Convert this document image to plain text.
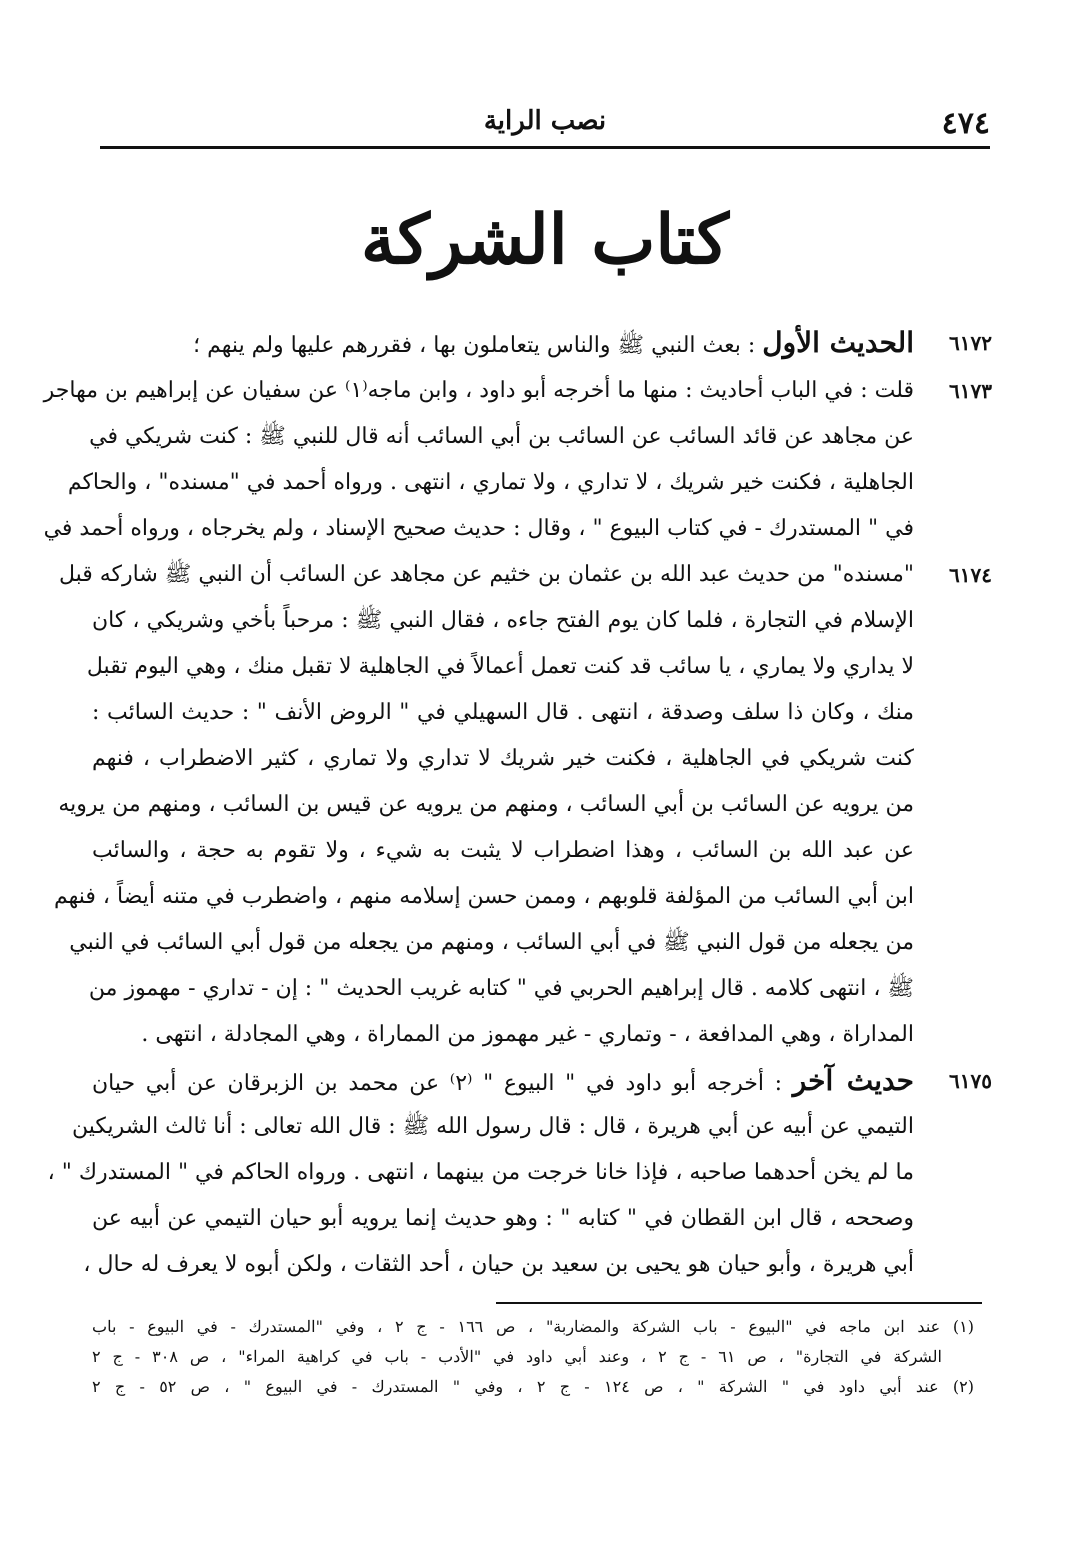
٤٧٤
نصب الراية
كتاب الشركة
٦١٧٢
الحديث الأول : بعث النبي ﷺ والناس يتعاملون بها ، فقررهم عليها ولم ينهم ؛
٦١٧٣
قلت : في الباب أحاديث : منها ما أخرجه أبو داود ، وابن ماجه⁽١⁾ عن سفيان عن إبراهيم بن مهاجر
عن مجاهد عن قائد السائب عن السائب بن أبي السائب أنه قال للنبي ﷺ : كنت شريكي في
الجاهلية ، فكنت خير شريك ، لا تداري ، ولا تماري ، انتهى . ورواه أحمد في "مسنده" ، والحاكم
في " المستدرك - في كتاب البيوع " ، وقال : حديث صحيح الإسناد ، ولم يخرجاه ، ورواه أحمد في
٦١٧٤
"مسنده" من حديث عبد الله بن عثمان بن خثيم عن مجاهد عن السائب أن النبي ﷺ شاركه قبل
الإسلام في التجارة ، فلما كان يوم الفتح جاءه ، فقال النبي ﷺ : مرحباً بأخي وشريكي ، كان
لا يداري ولا يماري ، يا سائب قد كنت تعمل أعمالاً في الجاهلية لا تقبل منك ، وهي اليوم تقبل
منك ، وكان ذا سلف وصدقة ، انتهى . قال السهيلي في " الروض الأنف " : حديث السائب :
كنت شريكي في الجاهلية ، فكنت خير شريك لا تداري ولا تماري ، كثير الاضطراب ، فنهم
من يرويه عن السائب بن أبي السائب ، ومنهم من يرويه عن قيس بن السائب ، ومنهم من يرويه
عن عبد الله بن السائب ، وهذا اضطراب لا يثبت به شيء ، ولا تقوم به حجة ، والسائب
ابن أبي السائب من المؤلفة قلوبهم ، وممن حسن إسلامه منهم ، واضطرب في متنه أيضاً ، فنهم
من يجعله من قول النبي ﷺ في أبي السائب ، ومنهم من يجعله من قول أبي السائب في النبي
ﷺ ، انتهى كلامه . قال إبراهيم الحربي في " كتابه غريب الحديث " : إن - تداري - مهموز من
المداراة ، وهي المدافعة ، - وتماري - غير مهموز من المماراة ، وهي المجادلة ، انتهى .
٦١٧٥
حديث آخر : أخرجه أبو داود في " البيوع " ⁽٢⁾ عن محمد بن الزبرقان عن أبي حيان
التيمي عن أبيه عن أبي هريرة ، قال : قال رسول الله ﷺ : قال الله تعالى : أنا ثالث الشريكين
ما لم يخن أحدهما صاحبه ، فإذا خانا خرجت من بينهما ، انتهى . ورواه الحاكم في " المستدرك " ،
وصححه ، قال ابن القطان في " كتابه " : وهو حديث إنما يرويه أبو حيان التيمي عن أبيه عن
أبي هريرة ، وأبو حيان هو يحيى بن سعيد بن حيان ، أحد الثقات ، ولكن أبوه لا يعرف له حال ،
(١) عند ابن ماجه في "البيوع - باب الشركة والمضاربة" ، ص ١٦٦ - ج ٢ ، وفي "المستدرك - في البيوع - باب
الشركة في التجارة" ، ص ٦١ - ج ٢ ، وعند أبي داود في "الأدب - باب في كراهية المراء" ، ص ٣٠٨ - ج ٢
(٢) عند أبي داود في " الشركة " ، ص ١٢٤ - ج ٢ ، وفي " المستدرك - في البيوع " ، ص ٥٢ - ج ٢
